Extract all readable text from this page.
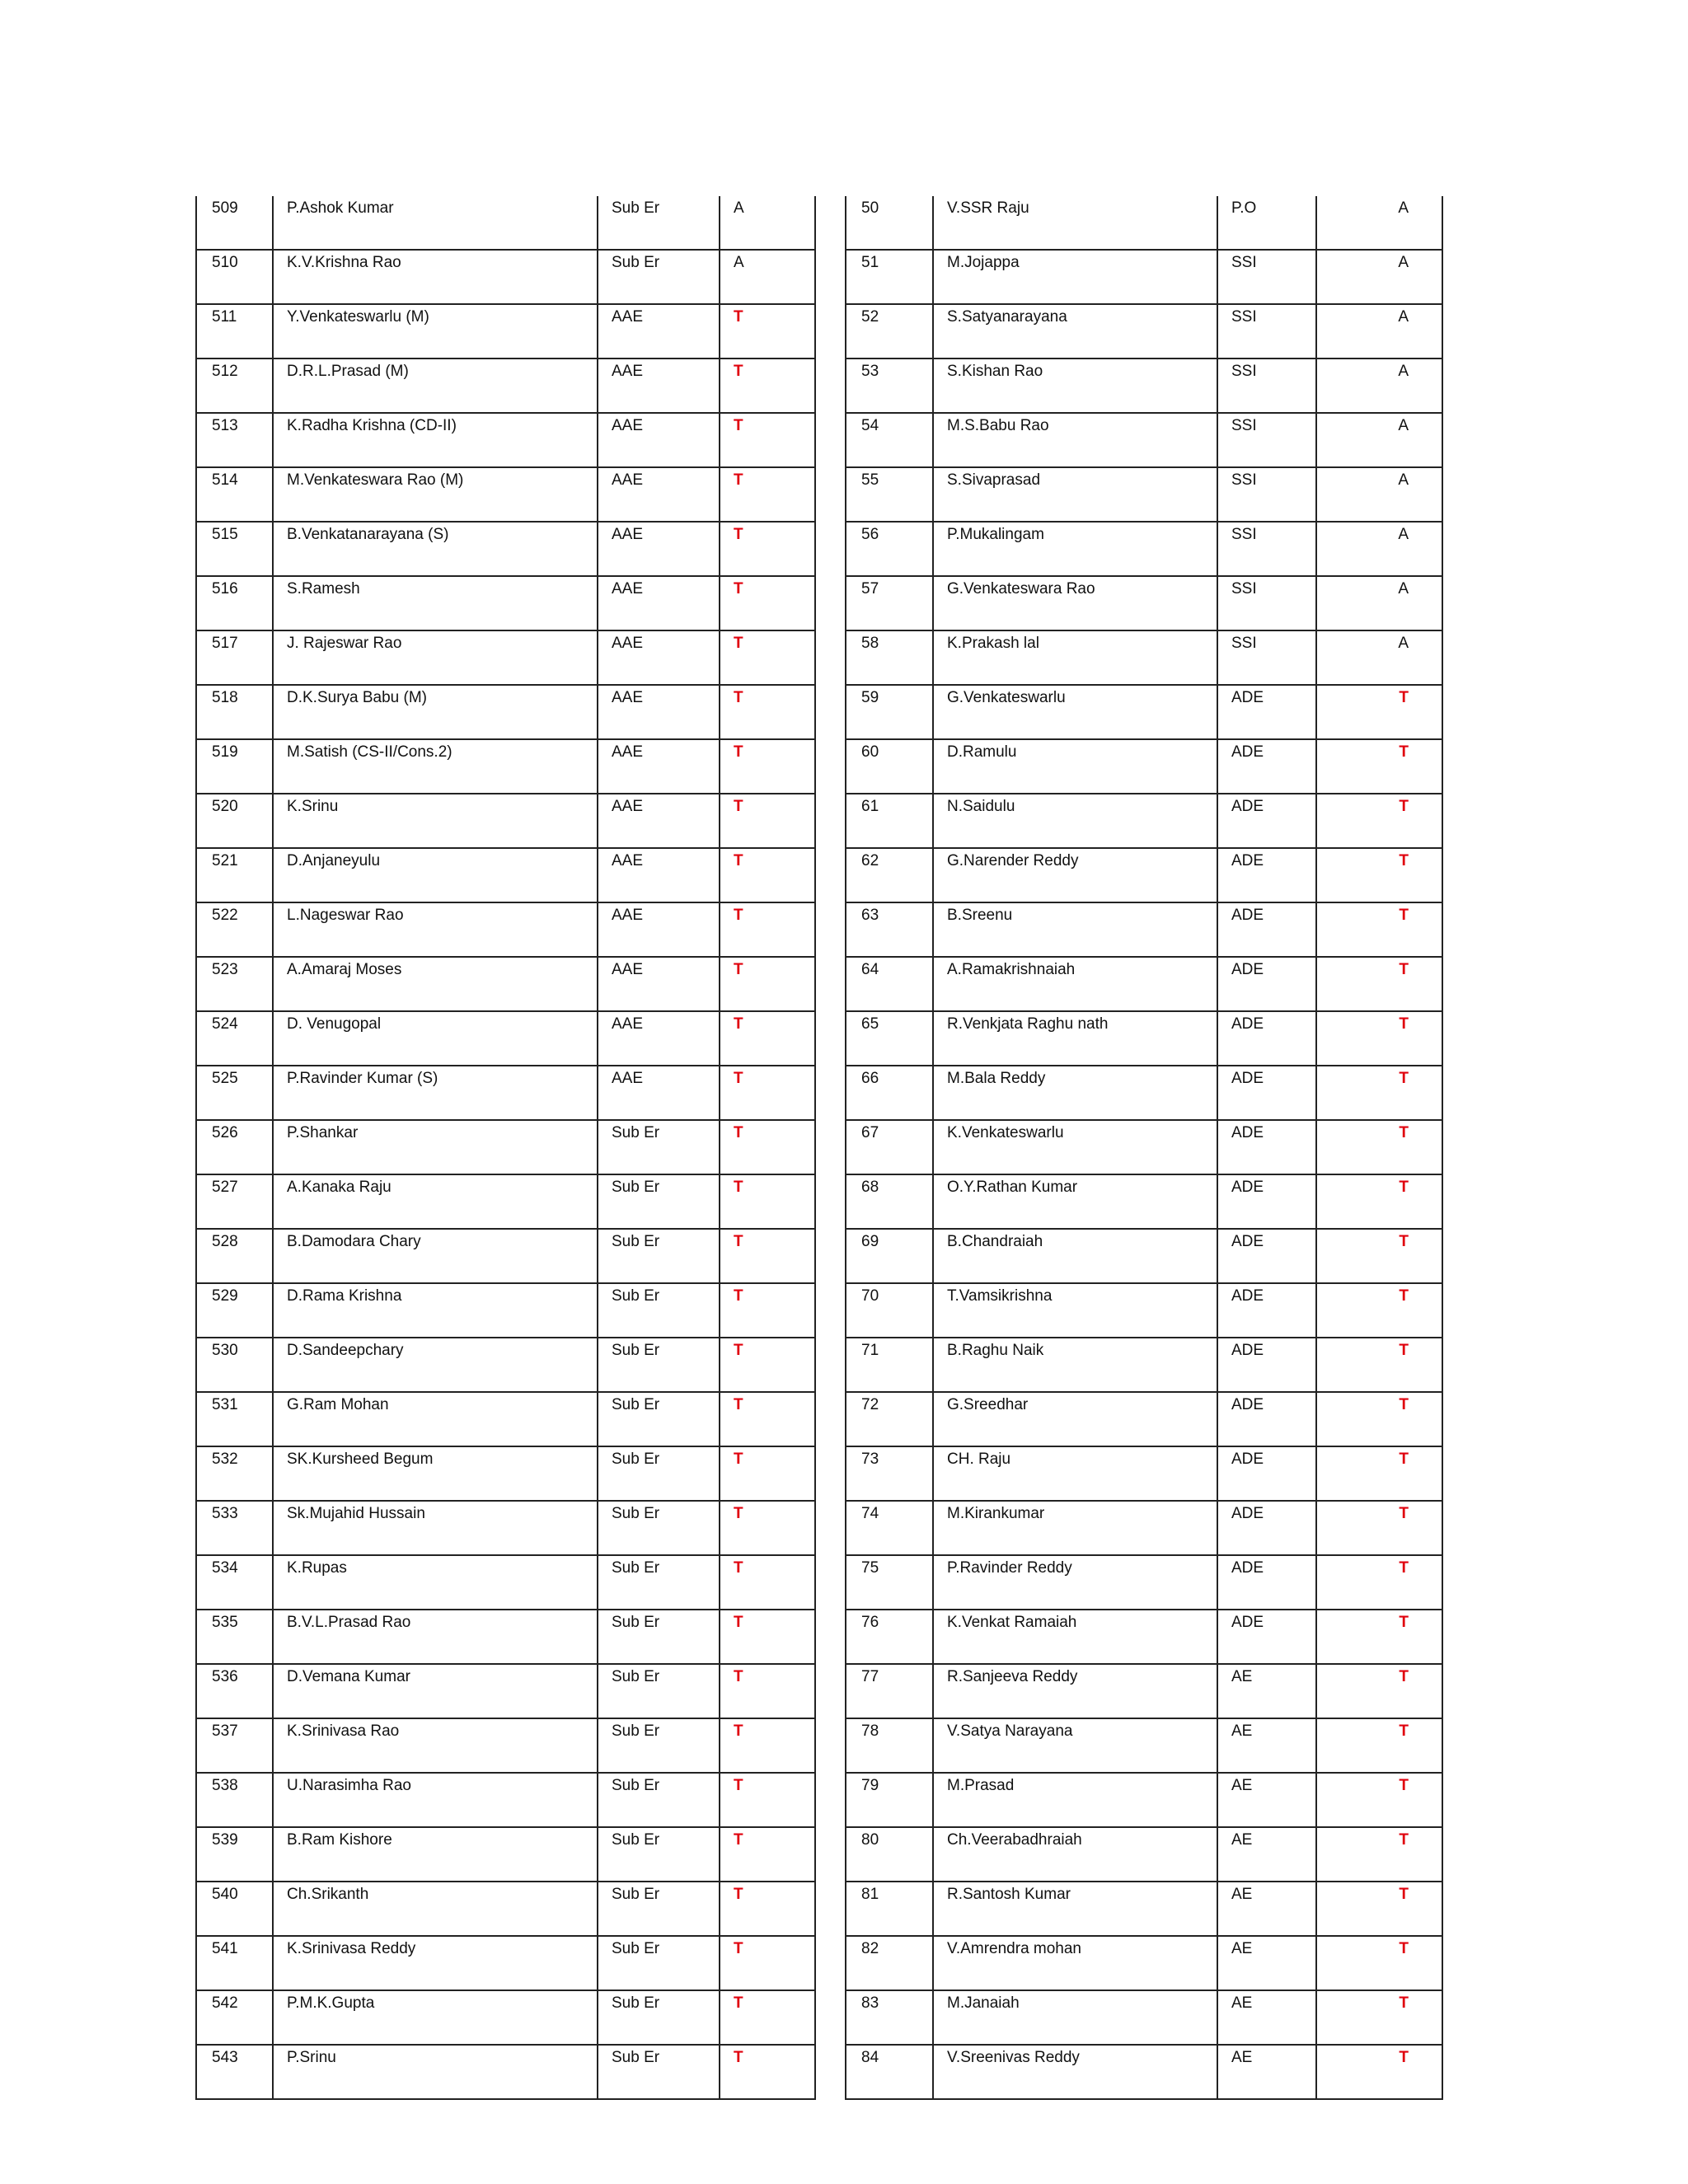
509	P.Ashok Kumar	Sub Er	A
510	K.V.Krishna Rao	Sub Er	A
511	Y.Venkateswarlu (M)	AAE	T
512	D.R.L.Prasad (M)	AAE	T
513	K.Radha Krishna (CD-II)	AAE	T
514	M.Venkateswara Rao (M)	AAE	T
515	B.Venkatanarayana (S)	AAE	T
516	S.Ramesh	AAE	T
517	J. Rajeswar Rao	AAE	T
518	D.K.Surya Babu (M)	AAE	T
519	M.Satish (CS-II/Cons.2)	AAE	T
520	K.Srinu	AAE	T
521	D.Anjaneyulu	AAE	T
522	L.Nageswar Rao	AAE	T
523	A.Amaraj Moses	AAE	T
524	D. Venugopal	AAE	T
525	P.Ravinder Kumar (S)	AAE	T
526	P.Shankar	Sub Er	T
527	A.Kanaka Raju	Sub Er	T
528	B.Damodara Chary	Sub Er	T
529	D.Rama Krishna	Sub Er	T
530	D.Sandeepchary	Sub Er	T
531	G.Ram Mohan	Sub Er	T
532	SK.Kursheed Begum	Sub Er	T
533	Sk.Mujahid Hussain	Sub Er	T
534	K.Rupas	Sub Er	T
535	B.V.L.Prasad Rao	Sub Er	T
536	D.Vemana Kumar	Sub Er	T
537	K.Srinivasa Rao	Sub Er	T
538	U.Narasimha Rao	Sub Er	T
539	B.Ram Kishore	Sub Er	T
540	Ch.Srikanth	Sub Er	T
541	K.Srinivasa Reddy	Sub Er	T
542	P.M.K.Gupta	Sub Er	T
543	P.Srinu	Sub Er	T
50	V.SSR Raju	P.O	A
51	M.Jojappa	SSI	A
52	S.Satyanarayana	SSI	A
53	S.Kishan Rao	SSI	A
54	M.S.Babu Rao	SSI	A
55	S.Sivaprasad	SSI	A
56	P.Mukalingam	SSI	A
57	G.Venkateswara Rao	SSI	A
58	K.Prakash lal	SSI	A
59	G.Venkateswarlu	ADE	T
60	D.Ramulu	ADE	T
61	N.Saidulu	ADE	T
62	G.Narender Reddy	ADE	T
63	B.Sreenu	ADE	T
64	A.Ramakrishnaiah	ADE	T
65	R.Venkjata Raghu nath	ADE	T
66	M.Bala Reddy	ADE	T
67	K.Venkateswarlu	ADE	T
68	O.Y.Rathan Kumar	ADE	T
69	B.Chandraiah	ADE	T
70	T.Vamsikrishna	ADE	T
71	B.Raghu Naik	ADE	T
72	G.Sreedhar	ADE	T
73	CH. Raju	ADE	T
74	M.Kirankumar	ADE	T
75	P.Ravinder Reddy	ADE	T
76	K.Venkat Ramaiah	ADE	T
77	R.Sanjeeva Reddy	AE	T
78	V.Satya Narayana	AE	T
79	M.Prasad	AE	T
80	Ch.Veerabadhraiah	AE	T
81	R.Santosh Kumar	AE	T
82	V.Amrendra mohan	AE	T
83	M.Janaiah	AE	T
84	V.Sreenivas Reddy	AE	T
